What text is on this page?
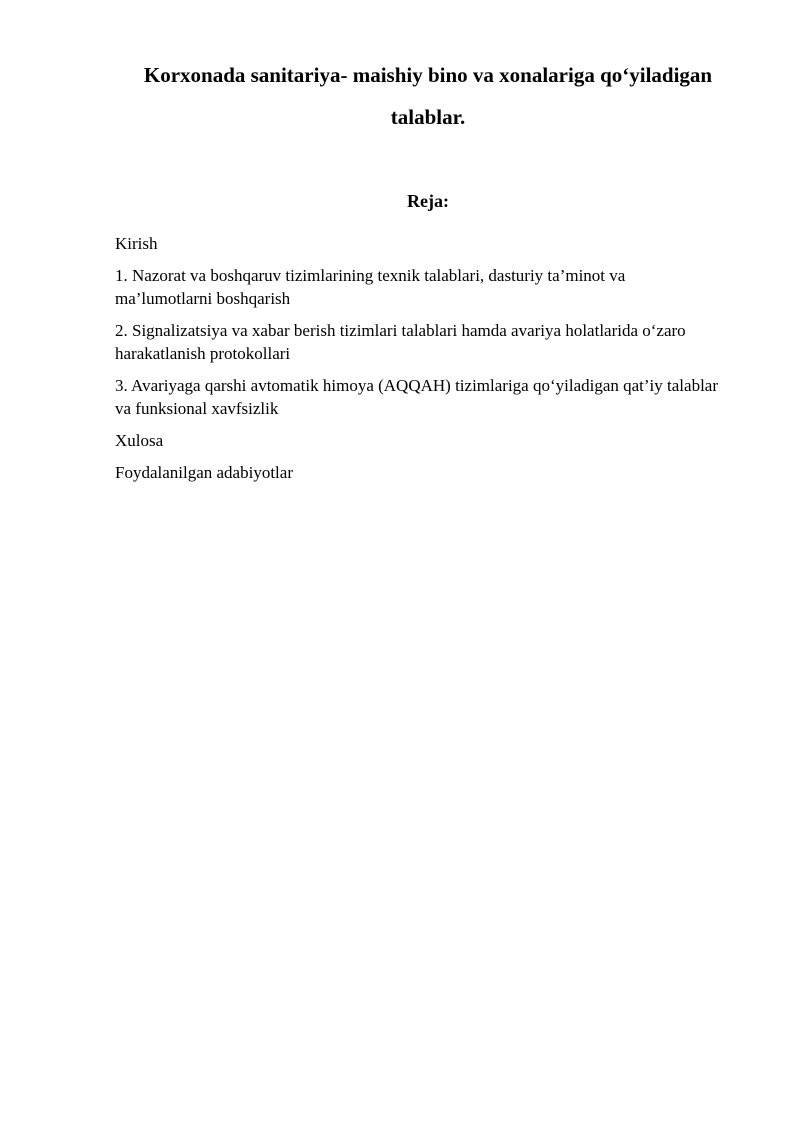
Korxonada sanitariya- maishiy bino va xonalariga qo‘yiladigan talablar.
Reja:
Kirish
1. Nazorat va boshqaruv tizimlarining texnik talablari, dasturiy ta’minot va ma’lumotlarni boshqarish
2. Signalizatsiya va xabar berish tizimlari talablari hamda avariya holatlarida o‘zaro harakatlanish protokollari
3. Avariyaga qarshi avtomatik himoya (AQQAH) tizimlariga qo‘yiladigan qat’iy talablar va funksional xavfsizlik
Xulosa
Foydalanilgan adabiyotlar
